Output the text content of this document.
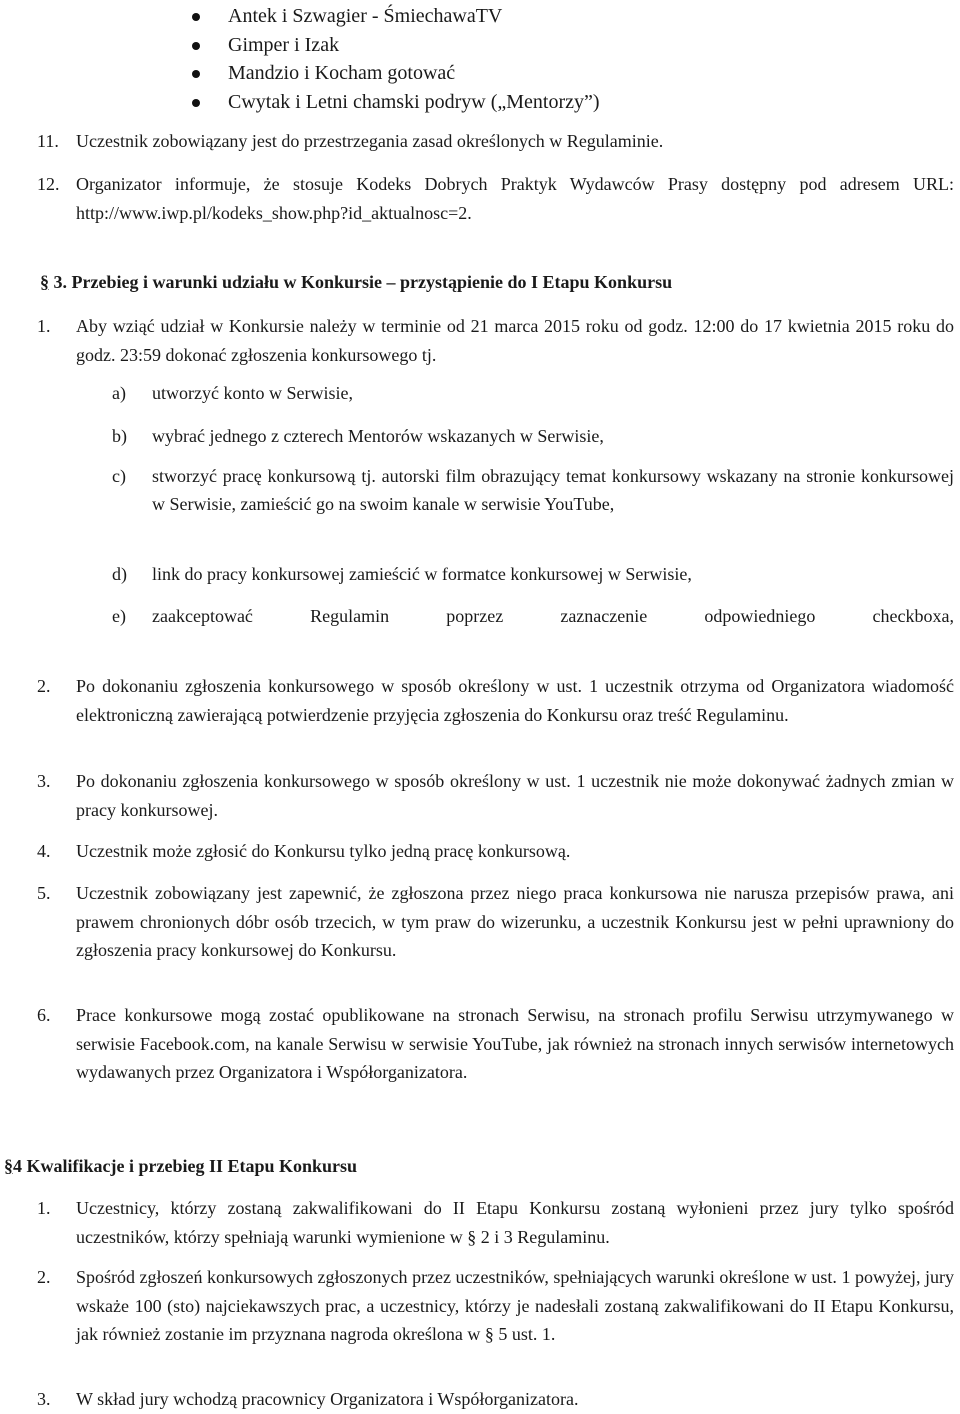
Antek i Szwagier - ŚmiechawaTV
Gimper i Izak
Mandzio i Kocham gotować
Cwytak i Letni chamski podryw („Mentorzy”)
11. Uczestnik zobowiązany jest do przestrzegania zasad określonych w Regulaminie.
12. Organizator informuje, że stosuje Kodeks Dobrych Praktyk Wydawców Prasy dostępny pod adresem URL: http://www.iwp.pl/kodeks_show.php?id_aktualnosc=2.
§ 3. Przebieg i warunki udziału w Konkursie – przystąpienie do I Etapu Konkursu
1. Aby wziąć udział w Konkursie należy w terminie od 21 marca 2015 roku od godz. 12:00 do 17 kwietnia 2015 roku do godz. 23:59 dokonać zgłoszenia konkursowego tj.
a) utworzyć konto w Serwisie,
b) wybrać jednego z czterech Mentorów wskazanych w Serwisie,
c) stworzyć pracę konkursową tj. autorski film obrazujący temat konkursowy wskazany na stronie konkursowej w Serwisie, zamieścić go na swoim kanale w serwisie YouTube,
d) link do pracy konkursowej zamieścić w formatce konkursowej w Serwisie,
e) zaakceptować Regulamin poprzez zaznaczenie odpowiedniego checkboxa,
2. Po dokonaniu zgłoszenia konkursowego w sposób określony w ust. 1 uczestnik otrzyma od Organizatora wiadomość elektroniczną zawierającą potwierdzenie przyjęcia zgłoszenia do Konkursu oraz treść Regulaminu.
3. Po dokonaniu zgłoszenia konkursowego w sposób określony w ust. 1 uczestnik nie może dokonywać żadnych zmian w pracy konkursowej.
4. Uczestnik może zgłosić do Konkursu tylko jedną pracę konkursową.
5. Uczestnik zobowiązany jest zapewnić, że zgłoszona przez niego praca konkursowa nie narusza przepisów prawa, ani prawem chronionych dóbr osób trzecich, w tym praw do wizerunku, a uczestnik Konkursu jest w pełni uprawniony do zgłoszenia pracy konkursowej do Konkursu.
6. Prace konkursowe mogą zostać opublikowane na stronach Serwisu, na stronach profilu Serwisu utrzymywanego w serwisie Facebook.com, na kanale Serwisu w serwisie YouTube, jak również na stronach innych serwisów internetowych wydawanych przez Organizatora i Współorganizatora.
§4 Kwalifikacje i przebieg II Etapu Konkursu
1. Uczestnicy, którzy zostaną zakwalifikowani do II Etapu Konkursu zostaną wyłonieni przez jury tylko spośród uczestników, którzy spełniają warunki wymienione w § 2 i 3 Regulaminu.
2. Spośród zgłoszeń konkursowych zgłoszonych przez uczestników, spełniających warunki określone w ust. 1 powyżej, jury wskaże 100 (sto) najciekawszych prac, a uczestnicy, którzy je nadesłali zostaną zakwalifikowani do II Etapu Konkursu, jak również zostanie im przyznana nagroda określona w § 5 ust. 1.
3. W skład jury wchodzą pracownicy Organizatora i Współorganizatora.
